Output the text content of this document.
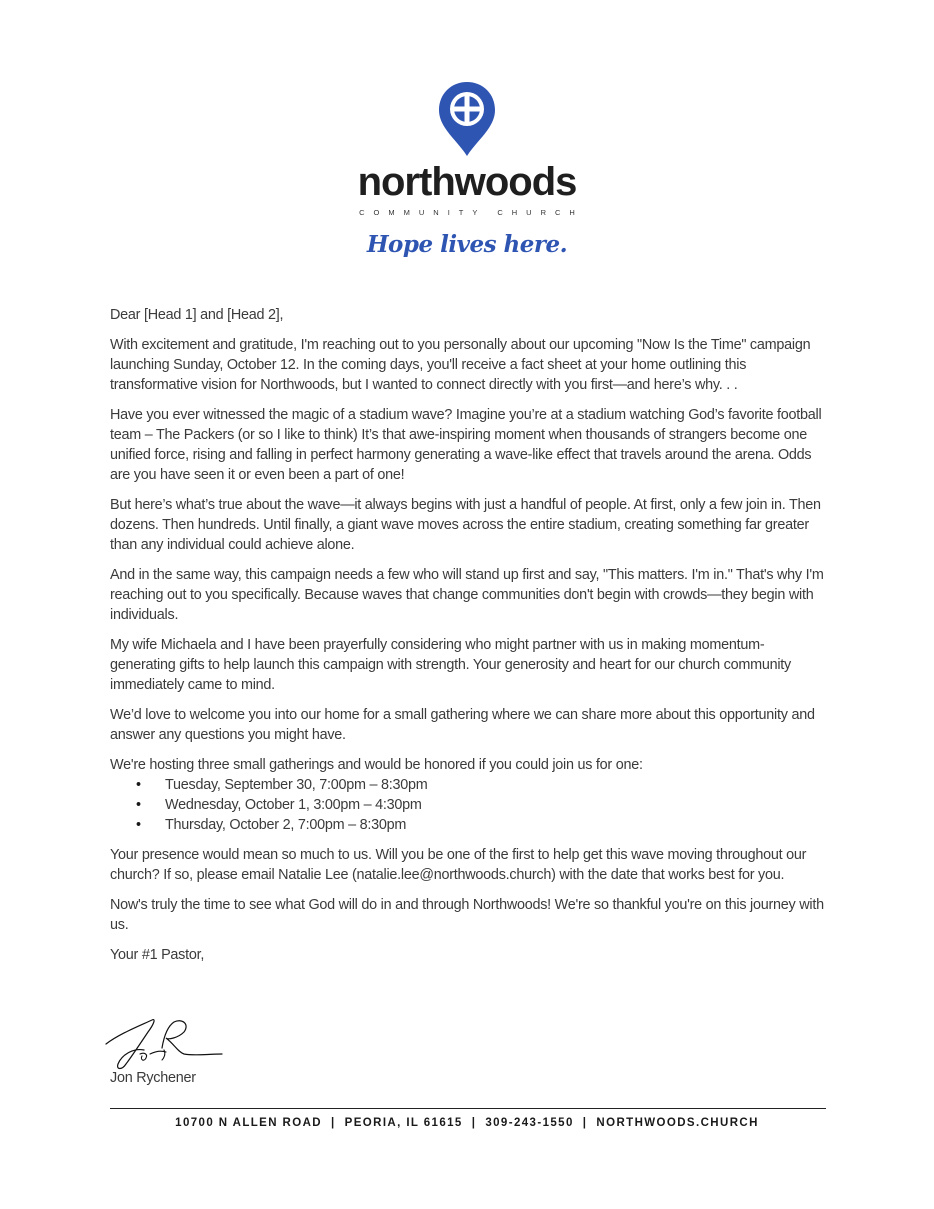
northwoods
COMMUNITY CHURCH
Hope lives here.

Dear [Head 1] and [Head 2],

With excitement and gratitude, I'm reaching out to you personally about our upcoming "Now Is the Time" campaign launching Sunday, October 12. In the coming days, you'll receive a fact sheet at your home outlining this transformative vision for Northwoods, but I wanted to connect directly with you first—and here’s why. . .

Have you ever witnessed the magic of a stadium wave? Imagine you’re at a stadium watching God’s favorite football team – The Packers (or so I like to think) It’s that awe-inspiring moment when thousands of strangers become one unified force, rising and falling in perfect harmony generating a wave-like effect that travels around the arena. Odds are you have seen it or even been a part of one!

But here’s what’s true about the wave—it always begins with just a handful of people. At first, only a few join in. Then dozens. Then hundreds. Until finally, a giant wave moves across the entire stadium, creating something far greater than any individual could achieve alone.

And in the same way, this campaign needs a few who will stand up first and say, "This matters. I'm in." That's why I'm reaching out to you specifically. Because waves that change communities don't begin with crowds—they begin with individuals.

My wife Michaela and I have been prayerfully considering who might partner with us in making momentum-generating gifts to help launch this campaign with strength. Your generosity and heart for our church community immediately came to mind.

We’d love to welcome you into our home for a small gathering where we can share more about this opportunity and answer any questions you might have.

We're hosting three small gatherings and would be honored if you could join us for one:

• Tuesday, September 30, 7:00pm – 8:30pm
• Wednesday, October 1, 3:00pm – 4:30pm
• Thursday, October 2, 7:00pm – 8:30pm

Your presence would mean so much to us. Will you be one of the first to help get this wave moving throughout our church? If so, please email Natalie Lee (natalie.lee@northwoods.church) with the date that works best for you.

Now's truly the time to see what God will do in and through Northwoods! We're so thankful you're on this journey with us.

Your #1 Pastor,

Jon Rychener
10700 N ALLEN ROAD | PEORIA, IL 61615 | 309-243-1550 | NORTHWOODS.CHURCH
